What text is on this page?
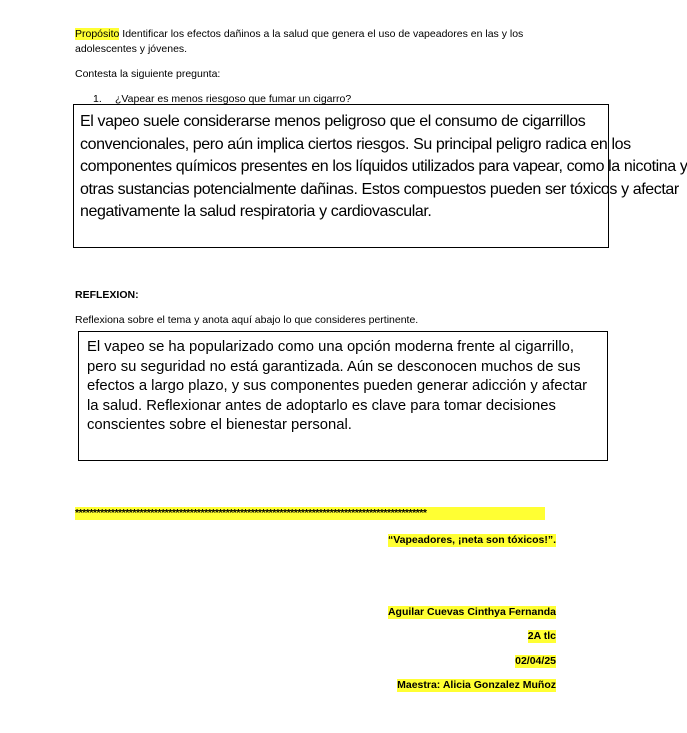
Propósito Identificar los efectos dañinos a la salud que genera el uso de vapeadores en las y los adolescentes y jóvenes.
Contesta la siguiente pregunta:
1. ¿Vapear es menos riesgoso que fumar un cigarro?
El vapeo suele considerarse menos peligroso que el consumo de cigarrillos
convencionales, pero aún implica ciertos riesgos. Su principal peligro radica en los
componentes químicos presentes en los líquidos utilizados para vapear, como la nicotina y
otras sustancias potencialmente dañinas. Estos compuestos pueden ser tóxicos y afectar
negativamente la salud respiratoria y cardiovascular.
REFLEXION:
Reflexiona sobre el tema y anota aquí abajo lo que consideres pertinente.
El vapeo se ha popularizado como una opción moderna frente al cigarrillo, pero su seguridad no está garantizada. Aún se desconocen muchos de sus efectos a largo plazo, y sus componentes pueden generar adicción y afectar la salud. Reflexionar antes de adoptarlo es clave para tomar decisiones conscientes sobre el bienestar personal.
**************************************************************************************************
“Vapeadores, ¡neta son tóxicos!”.
Aguilar Cuevas Cinthya Fernanda
2A tlc
02/04/25
Maestra: Alicia Gonzalez Muñoz
